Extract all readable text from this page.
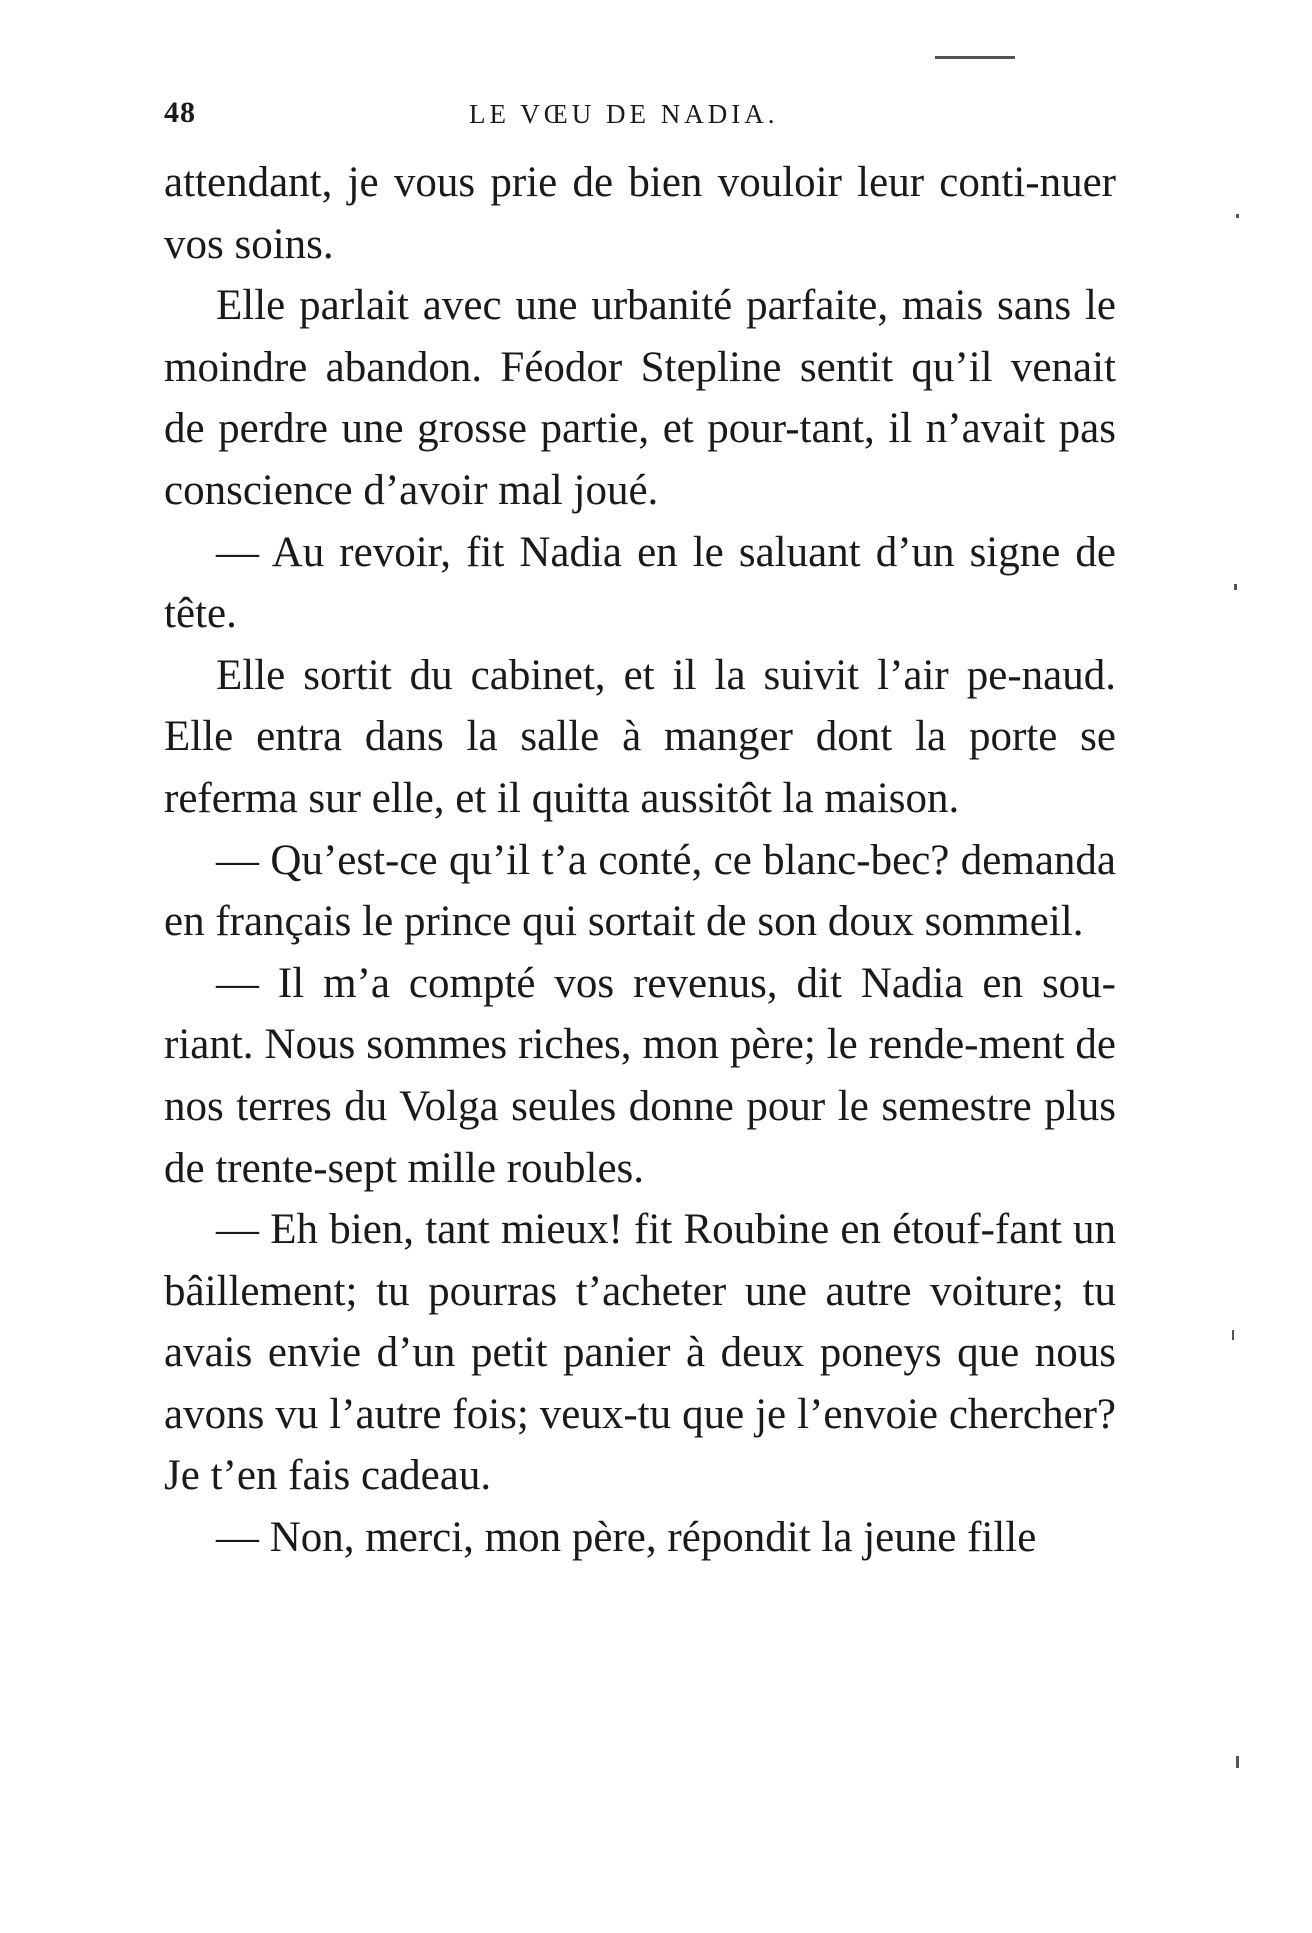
48	LE VŒU DE NADIA.

attendant, je vous prie de bien vouloir leur conti-nuer vos soins.

Elle parlait avec une urbanité parfaite, mais sans le moindre abandon. Féodor Stepline sentit qu’il venait de perdre une grosse partie, et pour-tant, il n’avait pas conscience d’avoir mal joué.

— Au revoir, fit Nadia en le saluant d’un signe de tête.

Elle sortit du cabinet, et il la suivit l’air pe-naud. Elle entra dans la salle à manger dont la porte se referma sur elle, et il quitta aussitôt la maison.

— Qu’est-ce qu’il t’a conté, ce blanc-bec? demanda en français le prince qui sortait de son doux sommeil.

— Il m’a compté vos revenus, dit Nadia en sou-riant. Nous sommes riches, mon père; le rende-ment de nos terres du Volga seules donne pour le semestre plus de trente-sept mille roubles.

— Eh bien, tant mieux! fit Roubine en étouf-fant un bâillement; tu pourras t’acheter une autre voiture; tu avais envie d’un petit panier à deux poneys que nous avons vu l’autre fois; veux-tu que je l’envoie chercher? Je t’en fais cadeau.

— Non, merci, mon père, répondit la jeune fille
